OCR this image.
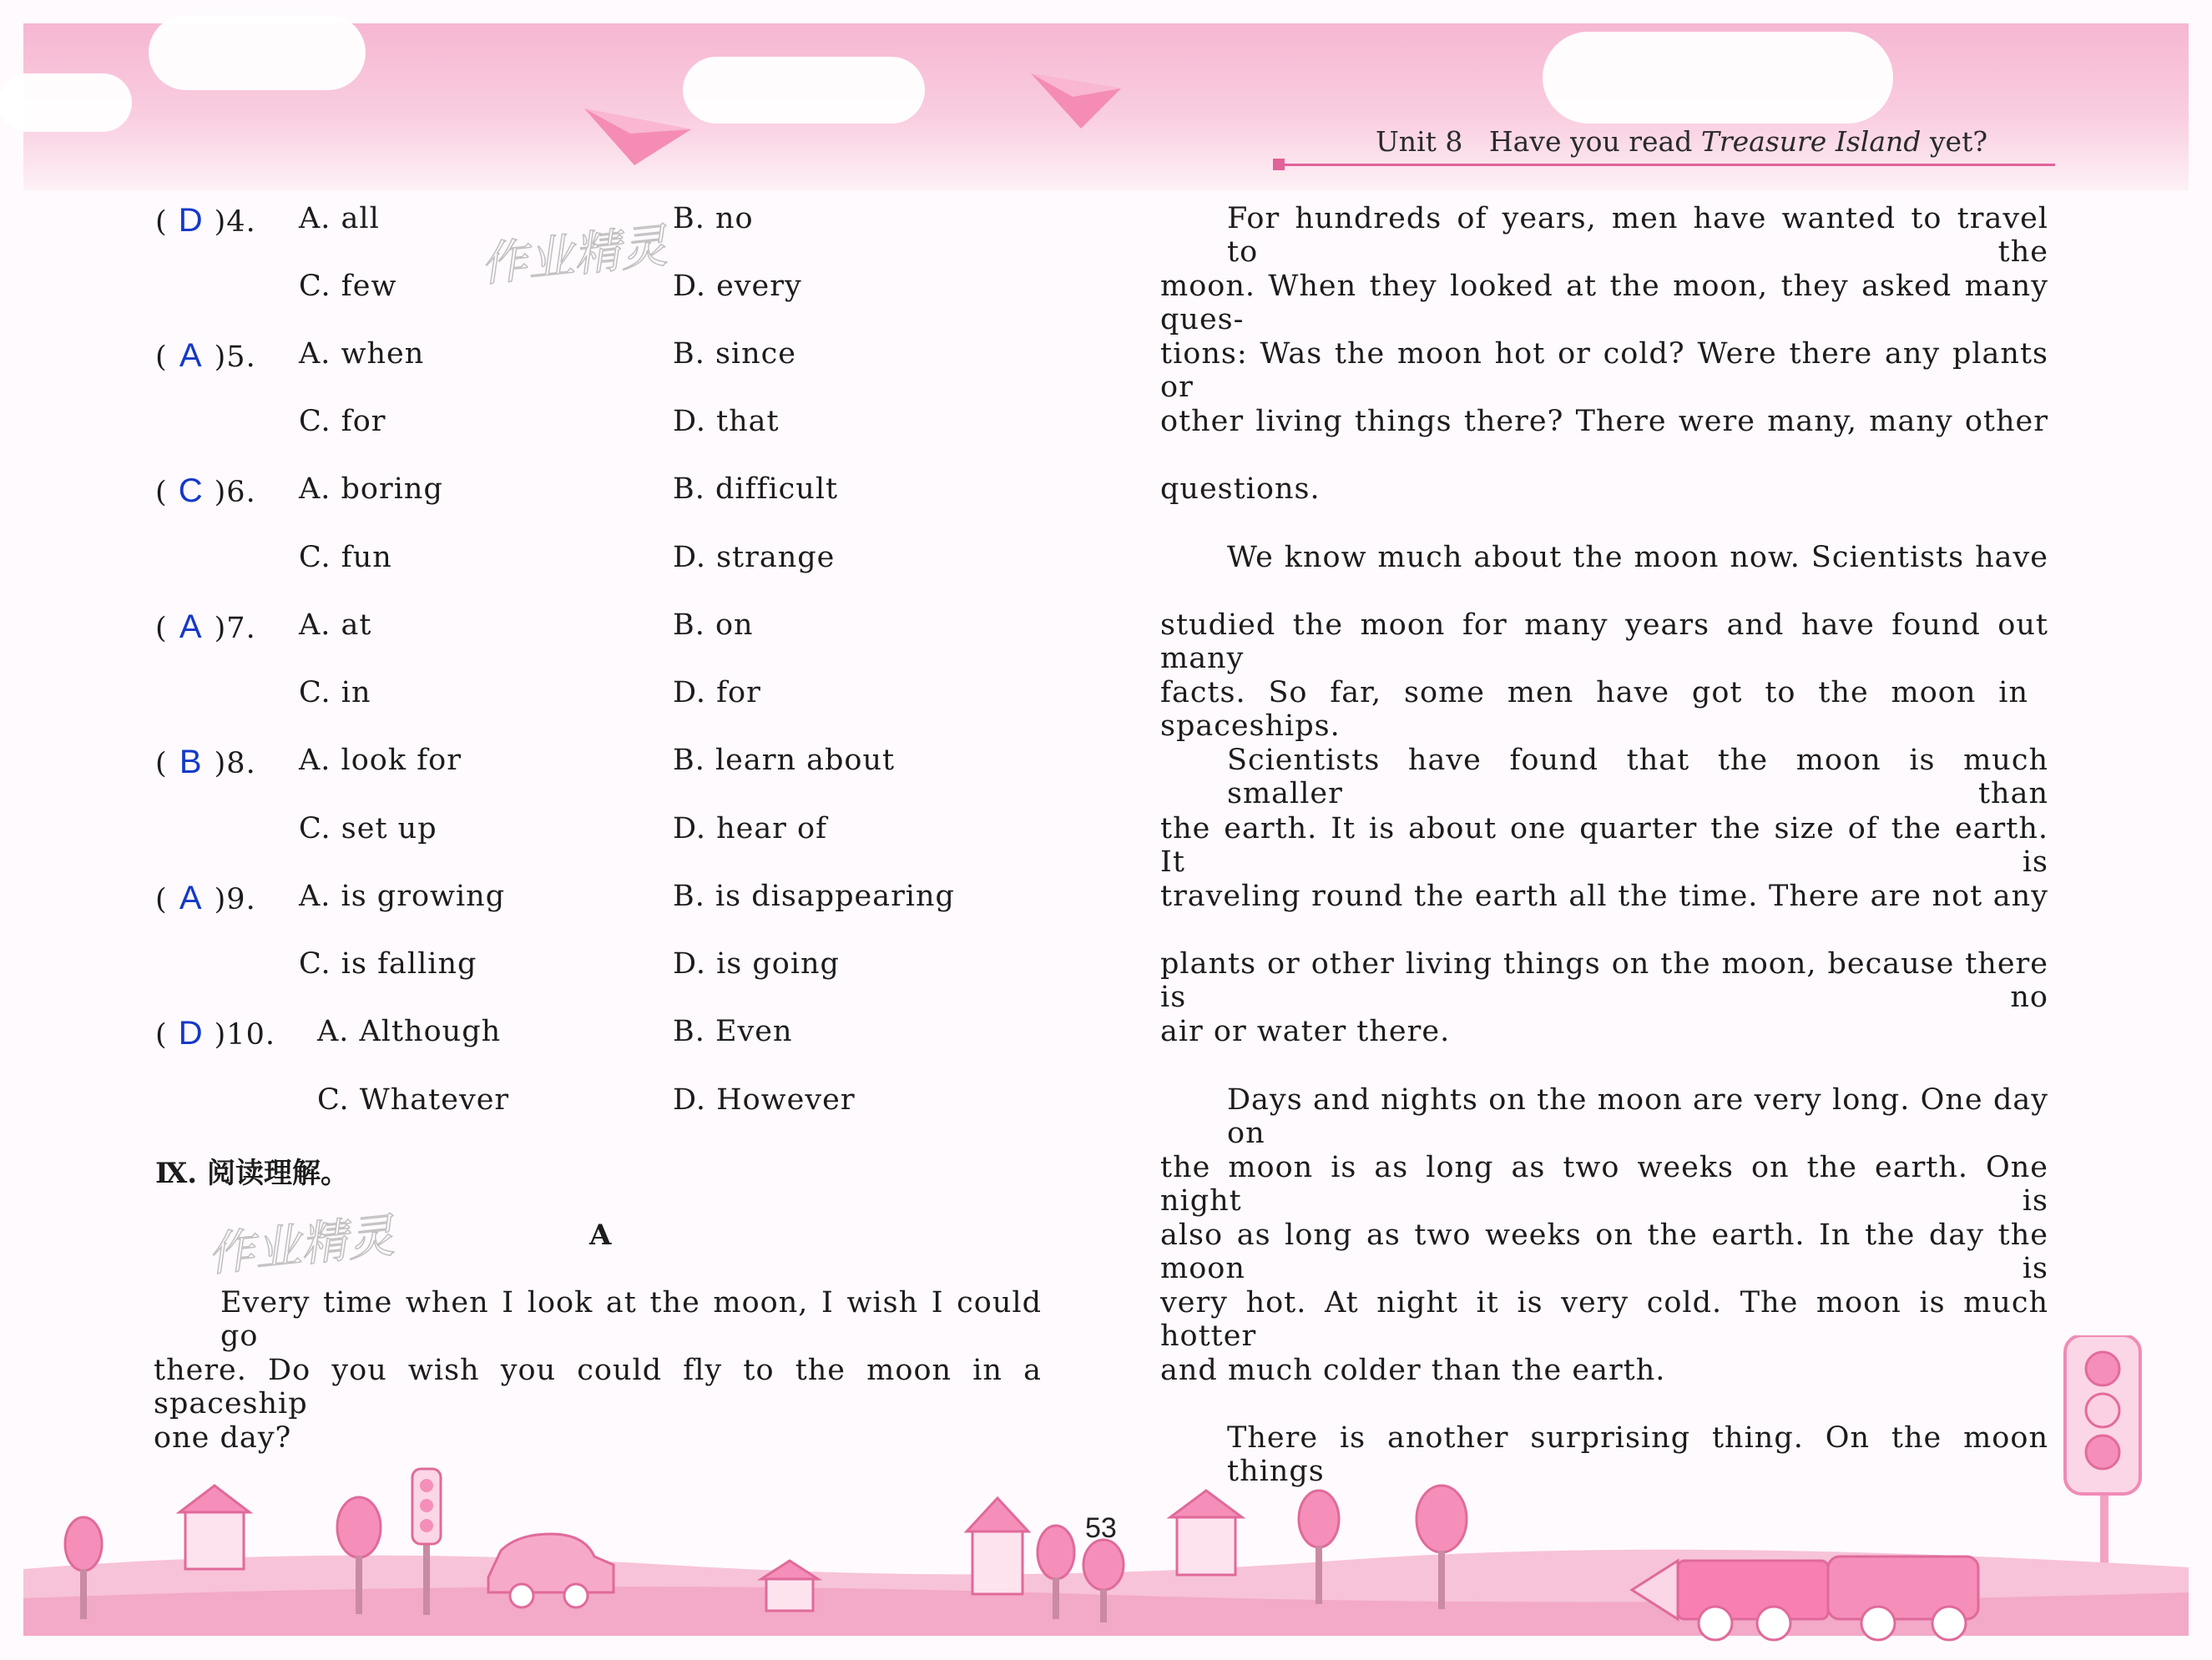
Unit 8 Have you read Treasure Island yet?
作业精灵
作业精灵
( D )4. A. all	B. no
C. few	D. every
( A )5. A. when	B. since
C. for	D. that
( C )6. A. boring	B. difficult
C. fun	D. strange
( A )7. A. at	B. on
C. in	D. for
( B )8. A. look for	B. learn about
C. set up	D. hear of
( A )9. A. is growing	B. is disappearing
C. is falling	D. is going
( D )10. A. Although	B. Even
C. Whatever	D. However
Ⅸ. 阅读理解。
A
Every time when I look at the moon, I wish I could go
there. Do you wish you could fly to the moon in a spaceship
one day?
For hundreds of years, men have wanted to travel to the
moon. When they looked at the moon, they asked many ques-
tions: Was the moon hot or cold? Were there any plants or
other living things there? There were many, many other
questions.
We know much about the moon now. Scientists have
studied the moon for many years and have found out many
facts. So far, some men have got to the moon in spaceships.
Scientists have found that the moon is much smaller than
the earth. It is about one quarter the size of the earth. It is
traveling round the earth all the time. There are not any
plants or other living things on the moon, because there is no
air or water there.
Days and nights on the moon are very long. One day on
the moon is as long as two weeks on the earth. One night is
also as long as two weeks on the earth. In the day the moon is
very hot. At night it is very cold. The moon is much hotter
and much colder than the earth.
There is another surprising thing. On the moon things
53
